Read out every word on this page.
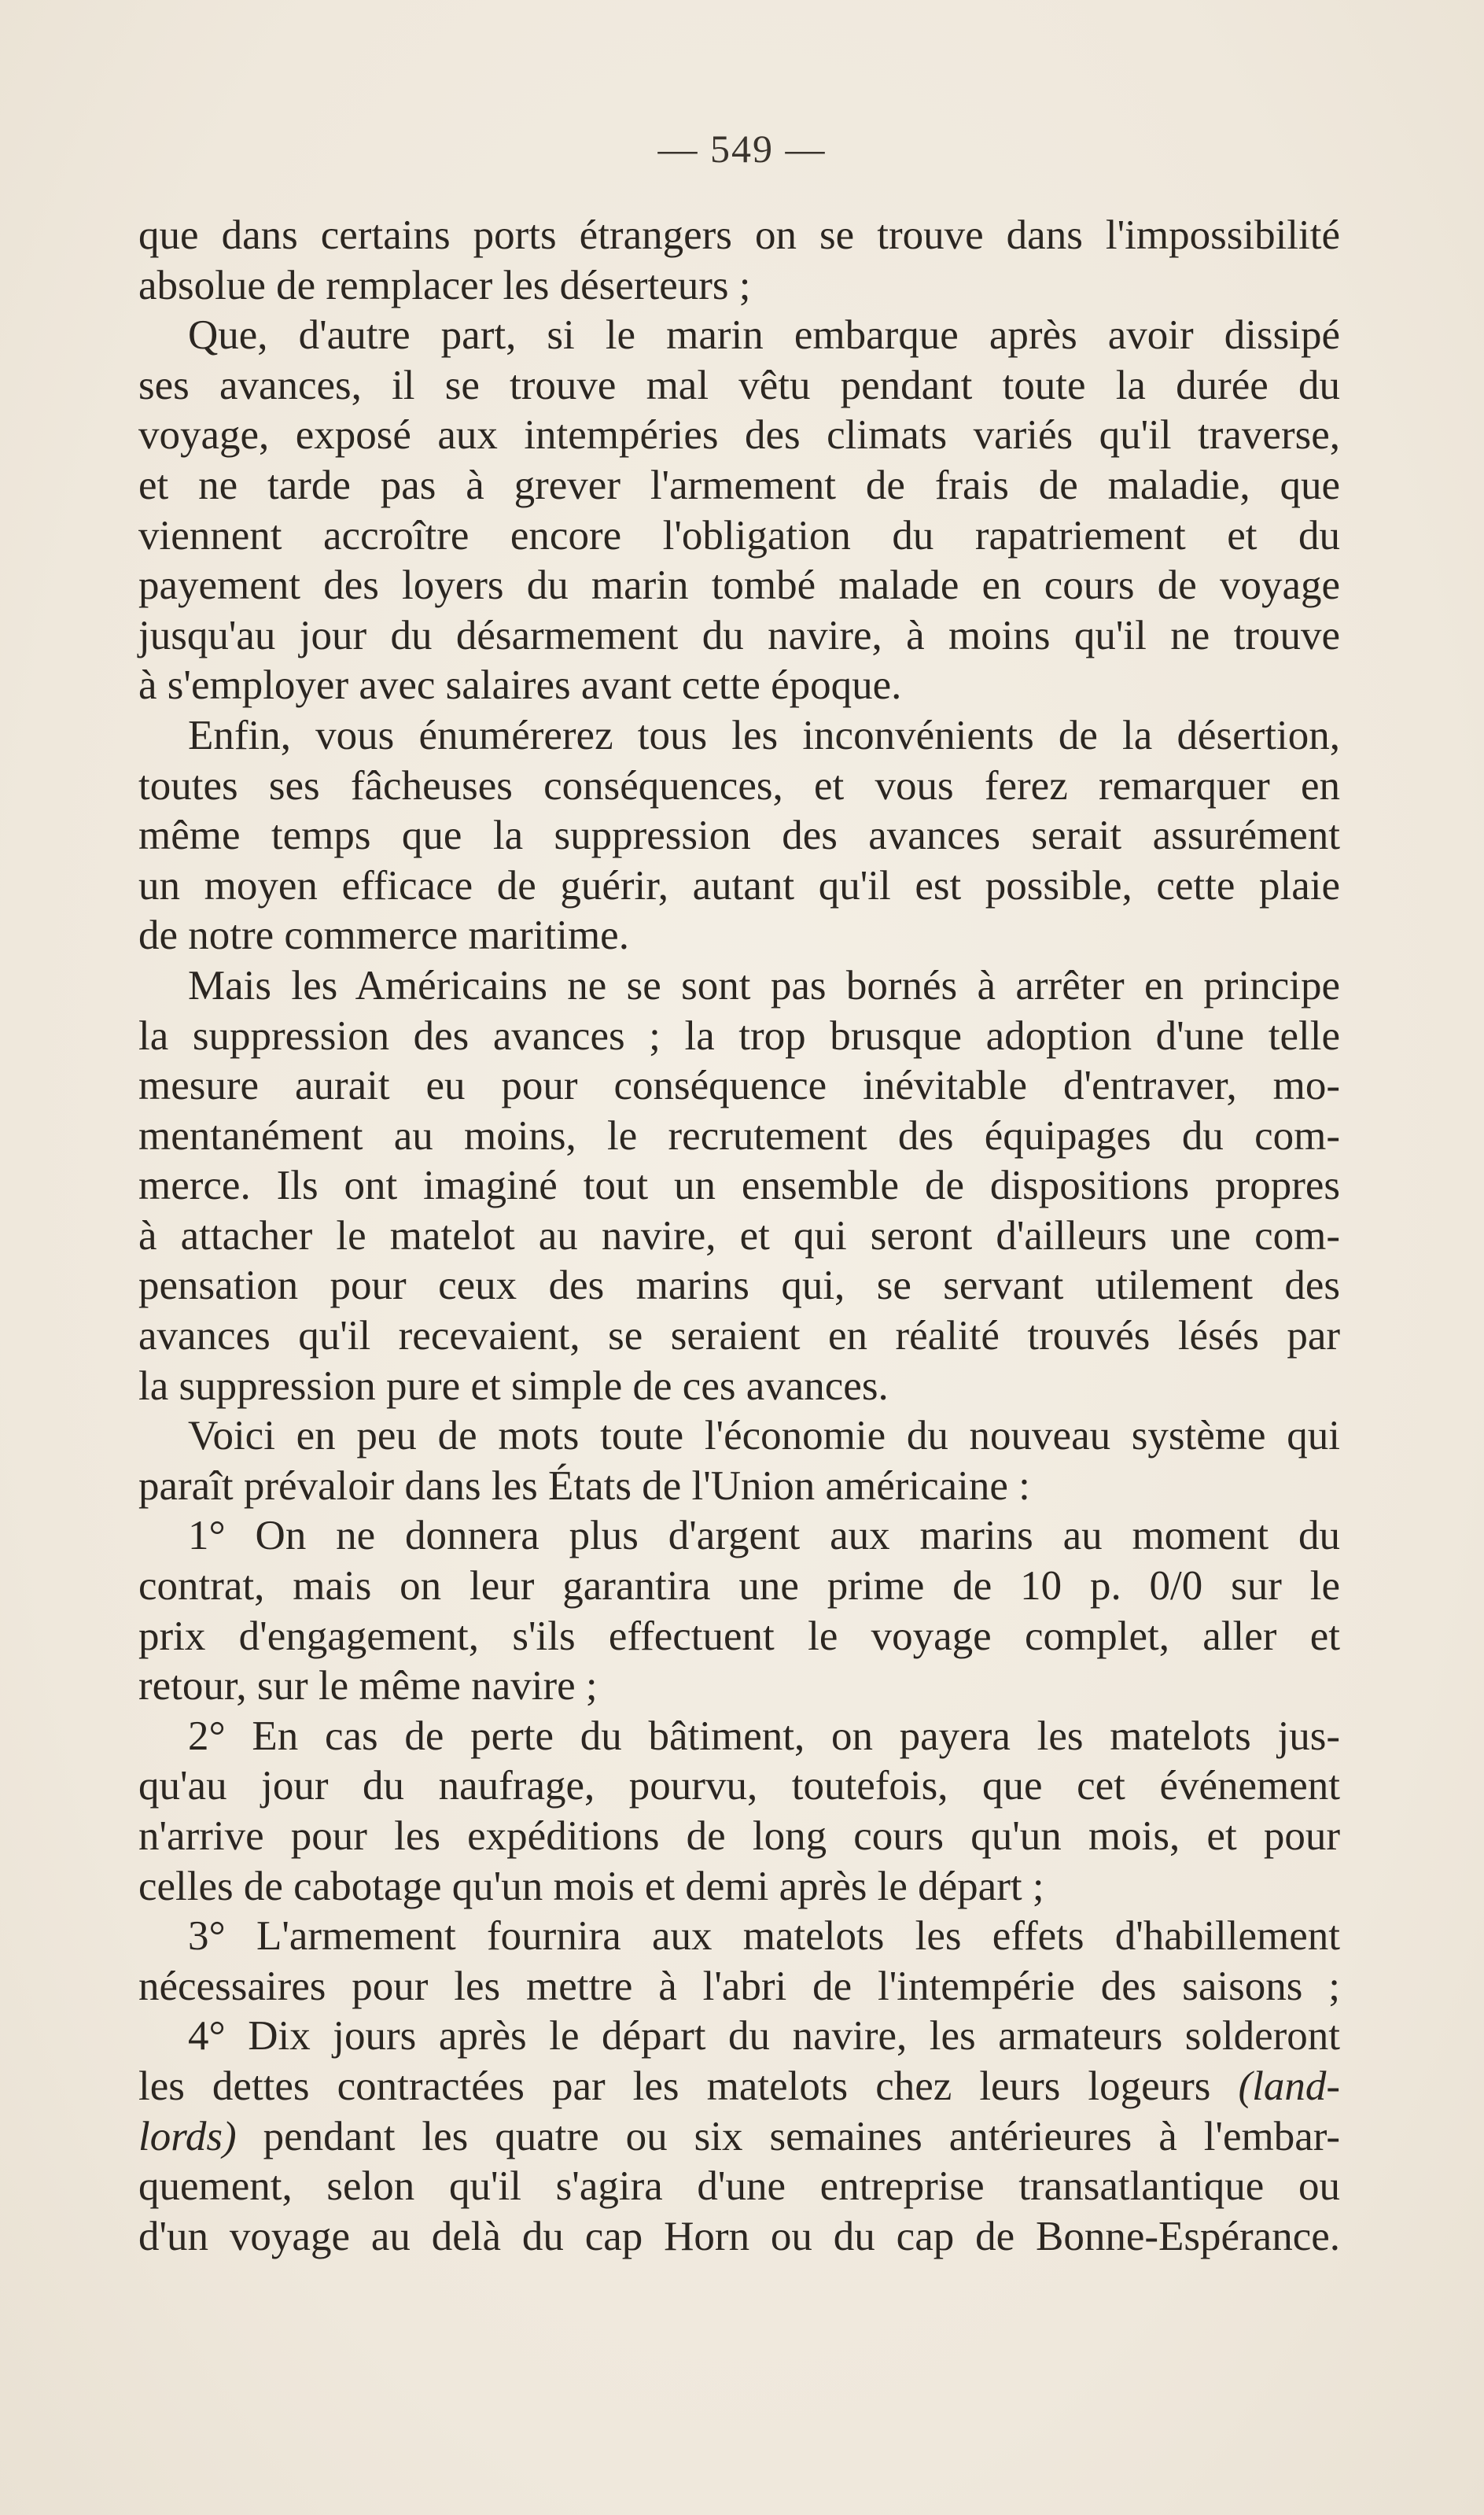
— 549 —
que dans certains ports étrangers on se trouve dans l'impossibilité
absolue de remplacer les déserteurs ;
Que, d'autre part, si le marin embarque après avoir dissipé
ses avances, il se trouve mal vêtu pendant toute la durée du
voyage, exposé aux intempéries des climats variés qu'il traverse,
et ne tarde pas à grever l'armement de frais de maladie, que
viennent accroître encore l'obligation du rapatriement et du
payement des loyers du marin tombé malade en cours de voyage
jusqu'au jour du désarmement du navire, à moins qu'il ne trouve
à s'employer avec salaires avant cette époque.
Enfin, vous énumérerez tous les inconvénients de la désertion,
toutes ses fâcheuses conséquences, et vous ferez remarquer en
même temps que la suppression des avances serait assurément
un moyen efficace de guérir, autant qu'il est possible, cette plaie
de notre commerce maritime.
Mais les Américains ne se sont pas bornés à arrêter en principe
la suppression des avances ; la trop brusque adoption d'une telle
mesure aurait eu pour conséquence inévitable d'entraver, mo-
mentanément au moins, le recrutement des équipages du com-
merce. Ils ont imaginé tout un ensemble de dispositions propres
à attacher le matelot au navire, et qui seront d'ailleurs une com-
pensation pour ceux des marins qui, se servant utilement des
avances qu'il recevaient, se seraient en réalité trouvés lésés par
la suppression pure et simple de ces avances.
Voici en peu de mots toute l'économie du nouveau système qui
paraît prévaloir dans les États de l'Union américaine :
1° On ne donnera plus d'argent aux marins au moment du
contrat, mais on leur garantira une prime de 10 p. 0/0 sur le
prix d'engagement, s'ils effectuent le voyage complet, aller et
retour, sur le même navire ;
2° En cas de perte du bâtiment, on payera les matelots jus-
qu'au jour du naufrage, pourvu, toutefois, que cet événement
n'arrive pour les expéditions de long cours qu'un mois, et pour
celles de cabotage qu'un mois et demi après le départ ;
3° L'armement fournira aux matelots les effets d'habillement
nécessaires pour les mettre à l'abri de l'intempérie des saisons ;
4° Dix jours après le départ du navire, les armateurs solderont
les dettes contractées par les matelots chez leurs logeurs (land-
lords) pendant les quatre ou six semaines antérieures à l'embar-
quement, selon qu'il s'agira d'une entreprise transatlantique ou
d'un voyage au delà du cap Horn ou du cap de Bonne-Espérance.
